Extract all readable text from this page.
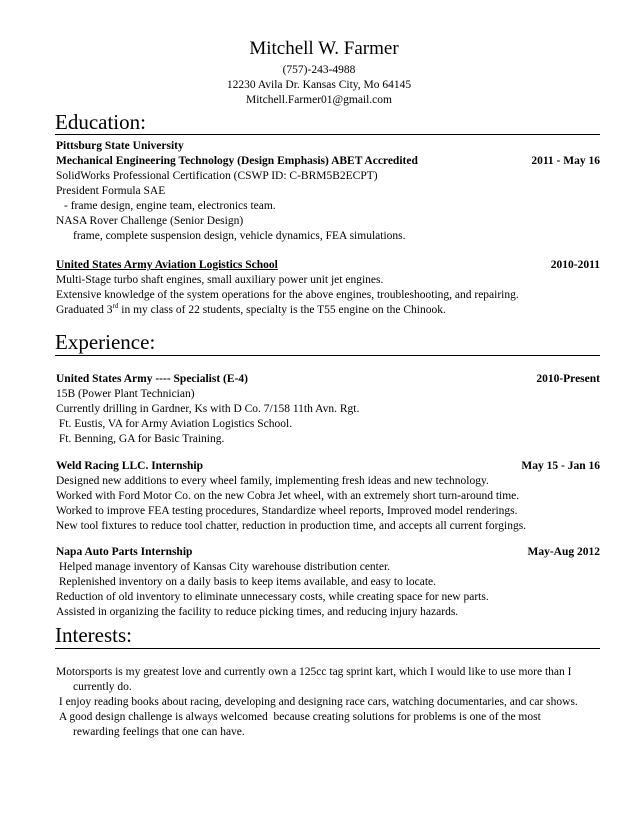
Mitchell W. Farmer
(757)-243-4988
12230 Avila Dr. Kansas City, Mo 64145
Mitchell.Farmer01@gmail.com
Education:
Pittsburg State University
Mechanical Engineering Technology (Design Emphasis) ABET Accredited	2011 - May 16
SolidWorks Professional Certification (CSWP ID: C-BRM5B2ECPT)
President Formula SAE
- frame design, engine team, electronics team.
NASA Rover Challenge (Senior Design)
frame, complete suspension design, vehicle dynamics, FEA simulations.
United States Army Aviation Logistics School	2010-2011
Multi-Stage turbo shaft engines, small auxiliary power unit jet engines.
Extensive knowledge of the system operations for the above engines, troubleshooting, and repairing.
Graduated 3rd in my class of 22 students, specialty is the T55 engine on the Chinook.
Experience:
United States Army ---- Specialist (E-4)	2010-Present
15B (Power Plant Technician)
Currently drilling in Gardner, Ks with D Co. 7/158 11th Avn. Rgt.
Ft. Eustis, VA for Army Aviation Logistics School.
Ft. Benning, GA for Basic Training.
Weld Racing LLC. Internship	May 15 - Jan 16
Designed new additions to every wheel family, implementing fresh ideas and new technology.
Worked with Ford Motor Co. on the new Cobra Jet wheel, with an extremely short turn-around time.
Worked to improve FEA testing procedures, Standardize wheel reports, Improved model renderings.
New tool fixtures to reduce tool chatter, reduction in production time, and accepts all current forgings.
Napa Auto Parts Internship	May-Aug 2012
Helped manage inventory of Kansas City warehouse distribution center.
Replenished inventory on a daily basis to keep items available, and easy to locate.
Reduction of old inventory to eliminate unnecessary costs, while creating space for new parts.
Assisted in organizing the facility to reduce picking times, and reducing injury hazards.
Interests:
Motorsports is my greatest love and currently own a 125cc tag sprint kart, which I would like to use more than I currently do.
I enjoy reading books about racing, developing and designing race cars, watching documentaries, and car shows.
A good design challenge is always welcomed  because creating solutions for problems is one of the most rewarding feelings that one can have.
